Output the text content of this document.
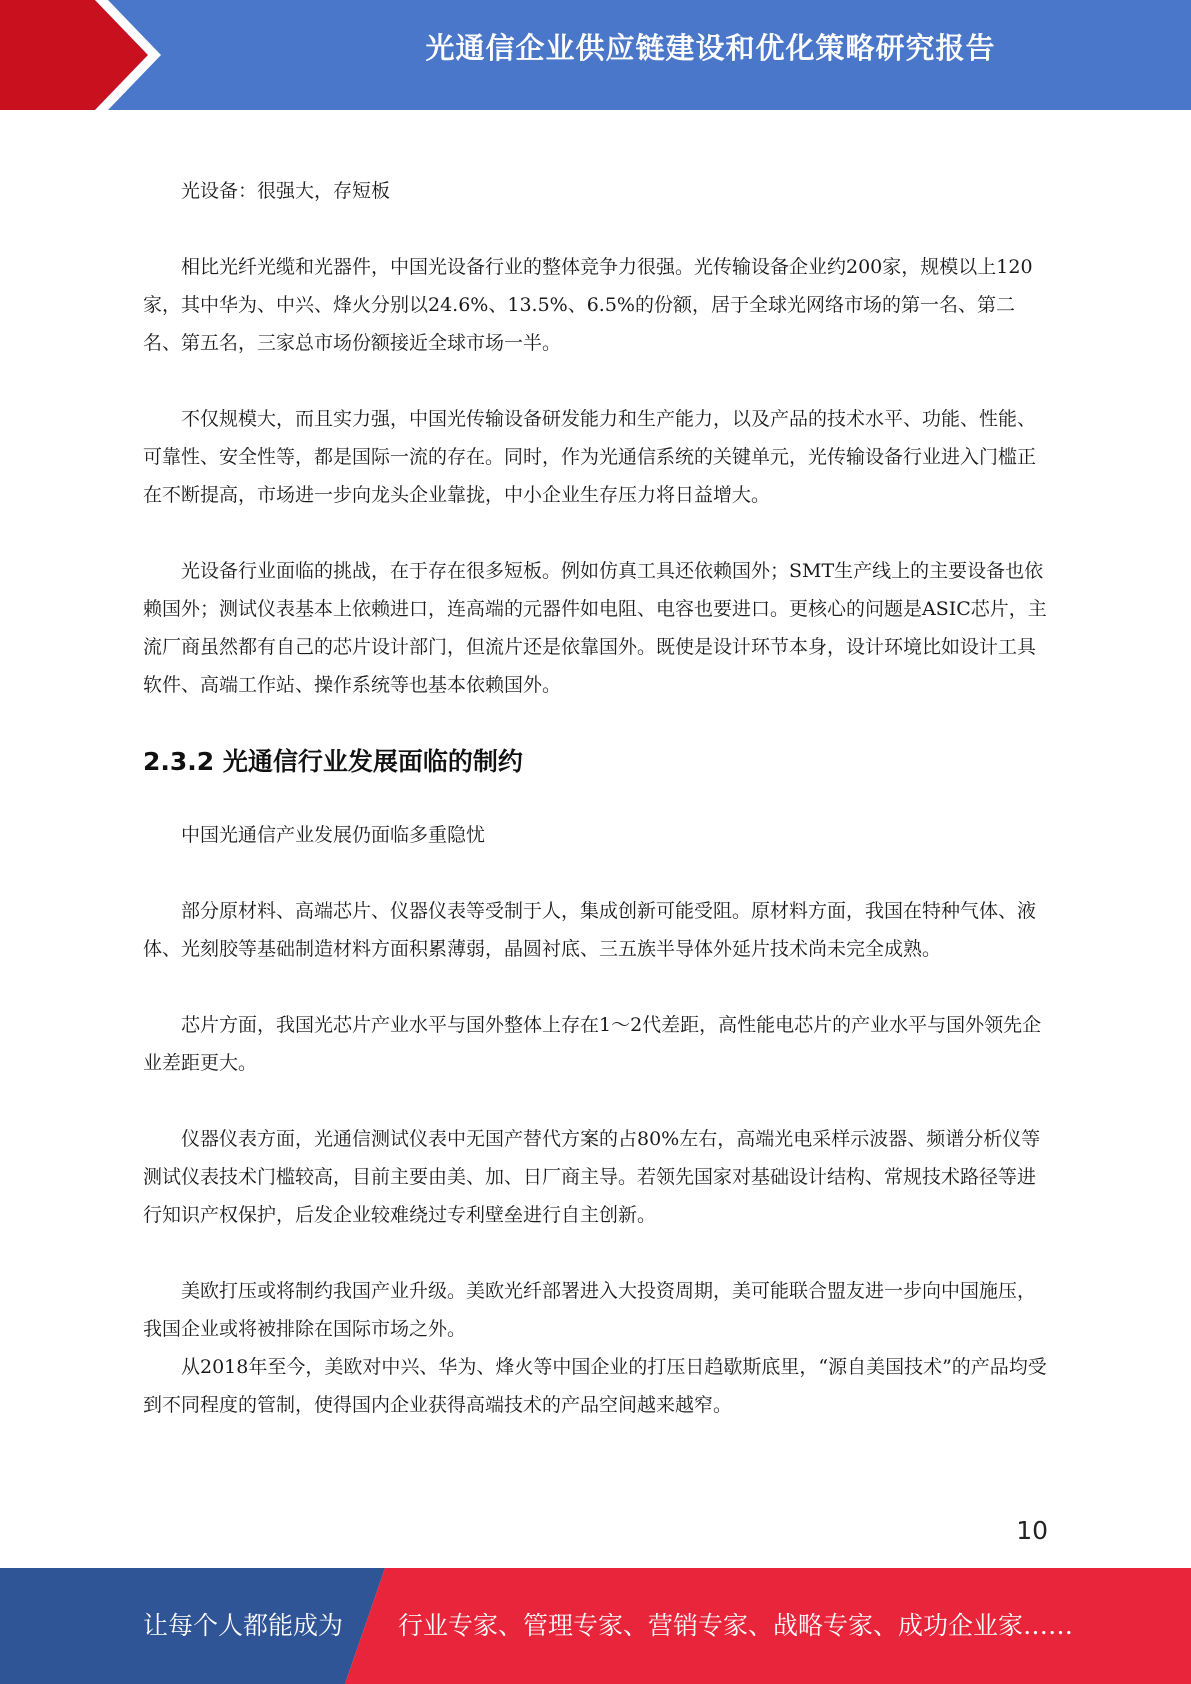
光通信企业供应链建设和优化策略研究报告

光设备：很强大，存短板

相比光纤光缆和光器件，中国光设备行业的整体竞争力很强。光传输设备企业约200家，规模以上120家，其中华为、中兴、烽火分别以24.6%、13.5%、6.5%的份额，居于全球光网络市场的第一名、第二名、第五名，三家总市场份额接近全球市场一半。

不仅规模大，而且实力强，中国光传输设备研发能力和生产能力，以及产品的技术水平、功能、性能、可靠性、安全性等，都是国际一流的存在。同时，作为光通信系统的关键单元，光传输设备行业进入门槛正在不断提高，市场进一步向龙头企业靠拢，中小企业生存压力将日益增大。

光设备行业面临的挑战，在于存在很多短板。例如仿真工具还依赖国外；SMT生产线上的主要设备也依赖国外；测试仪表基本上依赖进口，连高端的元器件如电阻、电容也要进口。更核心的问题是ASIC芯片，主流厂商虽然都有自己的芯片设计部门，但流片还是依靠国外。既使是设计环节本身，设计环境比如设计工具软件、高端工作站、操作系统等也基本依赖国外。

2.3.2 光通信行业发展面临的制约

中国光通信产业发展仍面临多重隐忧

部分原材料、高端芯片、仪器仪表等受制于人，集成创新可能受阻。原材料方面，我国在特种气体、液体、光刻胶等基础制造材料方面积累薄弱，晶圆衬底、三五族半导体外延片技术尚未完全成熟。

芯片方面，我国光芯片产业水平与国外整体上存在1～2代差距，高性能电芯片的产业水平与国外领先企业差距更大。

仪器仪表方面，光通信测试仪表中无国产替代方案的占80%左右，高端光电采样示波器、频谱分析仪等测试仪表技术门槛较高，目前主要由美、加、日厂商主导。若领先国家对基础设计结构、常规技术路径等进行知识产权保护，后发企业较难绕过专利壁垒进行自主创新。

美欧打压或将制约我国产业升级。美欧光纤部署进入大投资周期，美可能联合盟友进一步向中国施压，我国企业或将被排除在国际市场之外。

从2018年至今，美欧对中兴、华为、烽火等中国企业的打压日趋歇斯底里，“源自美国技术”的产品均受到不同程度的管制，使得国内企业获得高端技术的产品空间越来越窄。

10
让每个人都能成为 行业专家、管理专家、营销专家、战略专家、成功企业家……
